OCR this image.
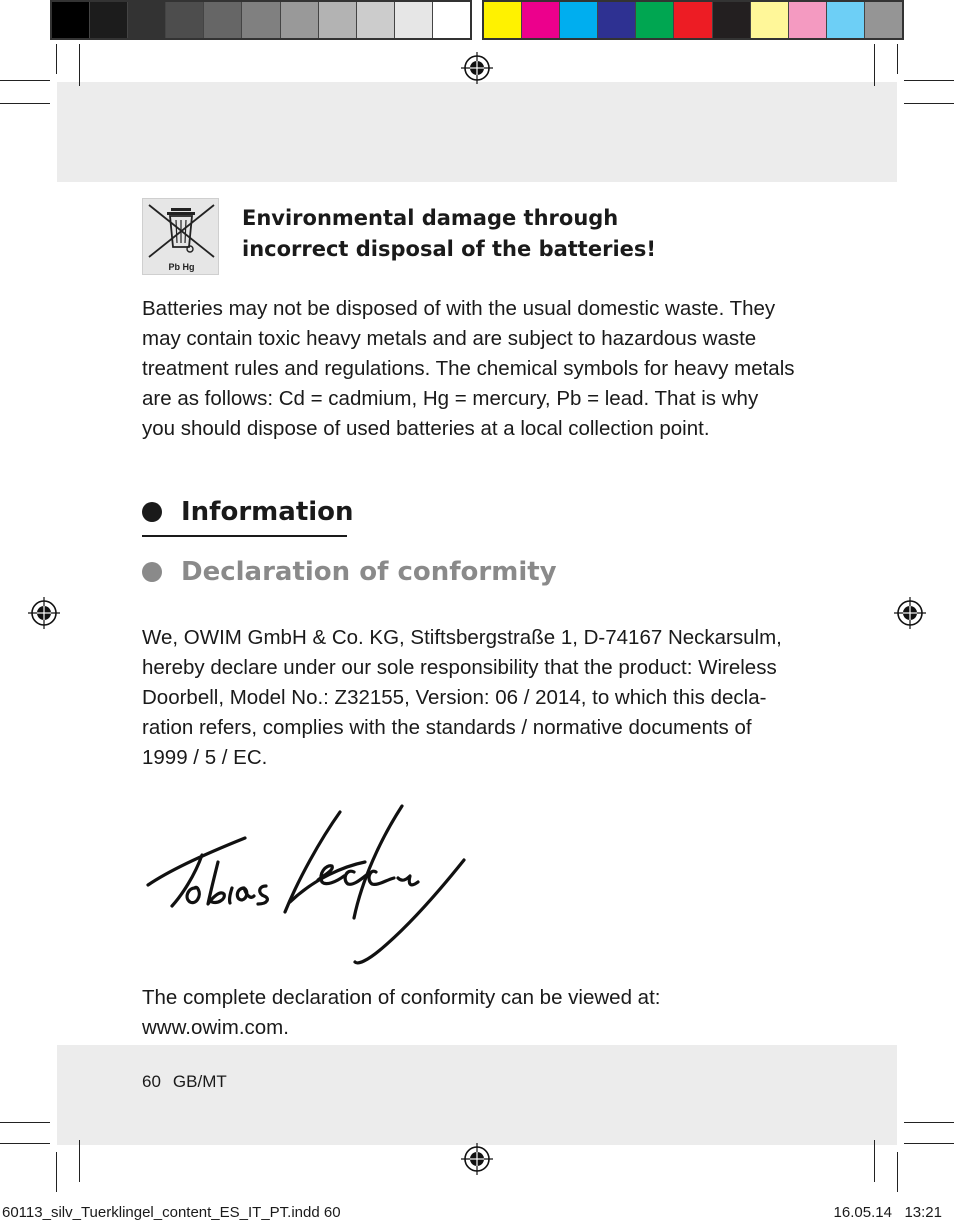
Pb Hg
Environmental damage through
incorrect disposal of the batteries!
Batteries may not be disposed of with the usual domestic waste. They
may contain toxic heavy metals and are subject to hazardous waste
treatment rules and regulations. The chemical symbols for heavy metals
are as follows: Cd = cadmium, Hg = mercury, Pb = lead. That is why
you should dispose of used batteries at a local collection point.
Information
Declaration of conformity
We, OWIM GmbH & Co. KG, Stiftsbergstraße 1, D-74167 Neckarsulm,
hereby declare under our sole responsibility that the product: Wireless
Doorbell, Model No.: Z32155, Version: 06 / 2014, to which this decla-
ration refers, complies with the standards / normative documents of
1999 / 5 / EC.
The complete declaration of conformity can be viewed at:
www.owim.com.
60 GB/MT
60113_silv_Tuerklingel_content_ES_IT_PT.indd 60	16.05.14 13:21
